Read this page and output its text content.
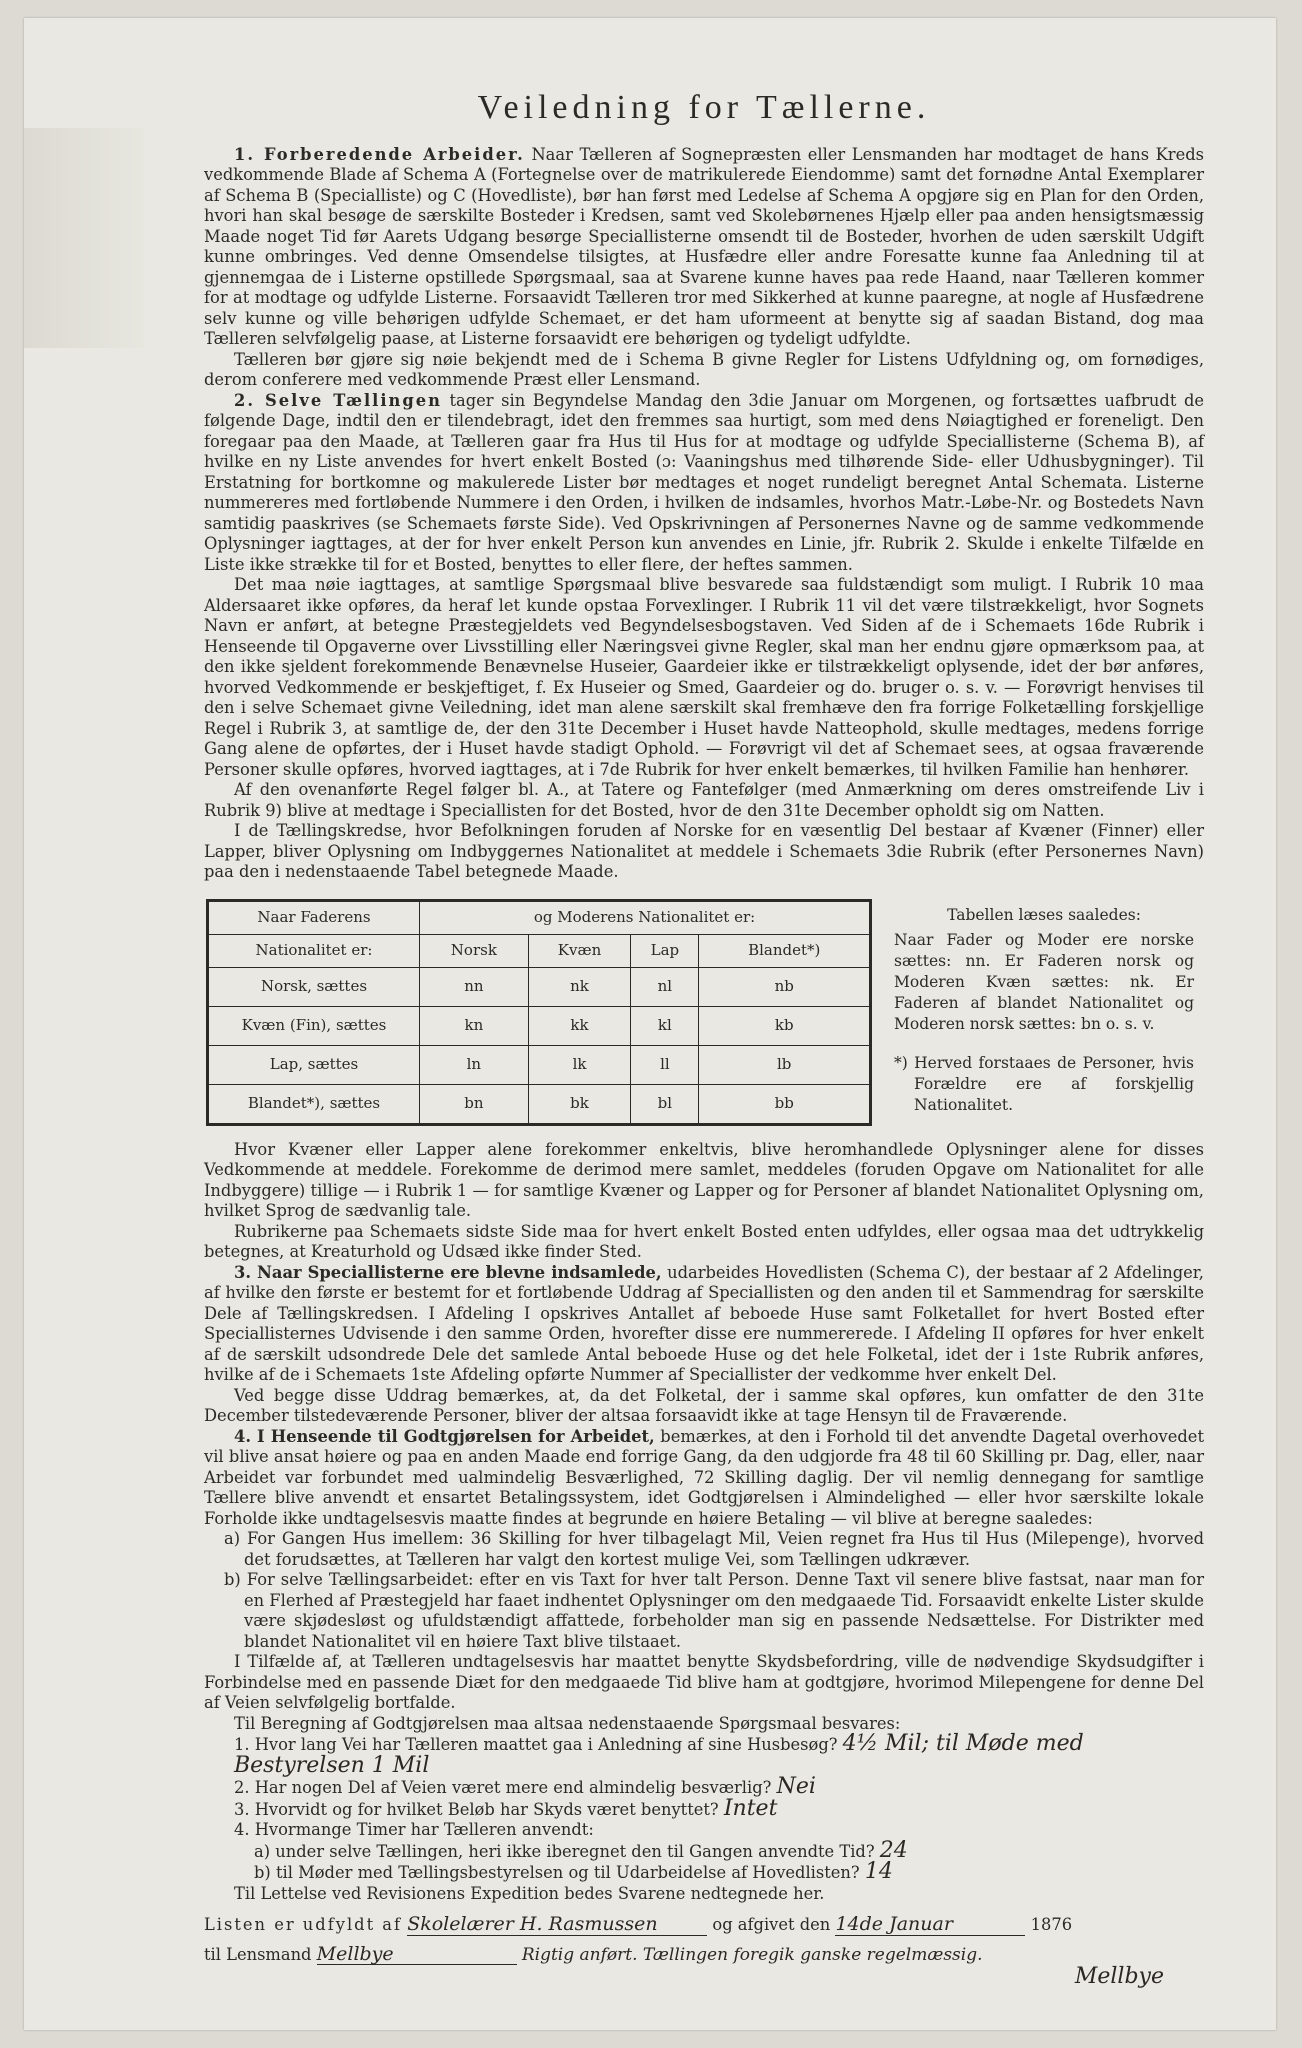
Veiledning for Tællerne.

1. Forberedende Arbeider. Naar Tælleren af Sognepræsten eller Lensmanden har modtaget de hans Kreds vedkommende Blade af Schema A (Fortegnelse over de matrikulerede Eiendomme) samt det fornødne Antal Exemplarer af Schema B (Specialliste) og C (Hovedliste), bør han først med Ledelse af Schema A opgjøre sig en Plan for den Orden, hvori han skal besøge de særskilte Bosteder i Kredsen, samt ved Skolebørnenes Hjælp eller paa anden hensigtsmæssig Maade noget Tid før Aarets Udgang besørge Speciallisterne omsendt til de Bosteder, hvorhen de uden særskilt Udgift kunne ombringes. Ved denne Omsendelse tilsigtes, at Husfædre eller andre Foresatte kunne faa Anledning til at gjennemgaa de i Listerne opstillede Spørgsmaal, saa at Svarene kunne haves paa rede Haand, naar Tælleren kommer for at modtage og udfylde Listerne. Forsaavidt Tælleren tror med Sikkerhed at kunne paaregne, at nogle af Husfædrene selv kunne og ville behørigen udfylde Schemaet, er det ham uformeent at benytte sig af saadan Bistand, dog maa Tælleren selvfølgelig paase, at Listerne forsaavidt ere behørigen og tydeligt udfyldte.

Tælleren bør gjøre sig nøie bekjendt med de i Schema B givne Regler for Listens Udfyldning og, om fornødiges, derom conferere med vedkommende Præst eller Lensmand.

2. Selve Tællingen tager sin Begyndelse Mandag den 3die Januar om Morgenen, og fortsættes uafbrudt de følgende Dage, indtil den er tilendebragt, idet den fremmes saa hurtigt, som med dens Nøiagtighed er foreneligt. Den foregaar paa den Maade, at Tælleren gaar fra Hus til Hus for at modtage og udfylde Speciallisterne (Schema B), af hvilke en ny Liste anvendes for hvert enkelt Bosted (ɔ: Vaaningshus med tilhørende Side- eller Udhusbygninger). Til Erstatning for bortkomne og makulerede Lister bør medtages et noget rundeligt beregnet Antal Schemata. Listerne nummereres med fortløbende Nummere i den Orden, i hvilken de indsamles, hvorhos Matr.-Løbe-Nr. og Bostedets Navn samtidig paaskrives (se Schemaets første Side). Ved Opskrivningen af Personernes Navne og de samme vedkommende Oplysninger iagttages, at der for hver enkelt Person kun anvendes en Linie, jfr. Rubrik 2. Skulde i enkelte Tilfælde en Liste ikke strække til for et Bosted, benyttes to eller flere, der heftes sammen.

Det maa nøie iagttages, at samtlige Spørgsmaal blive besvarede saa fuldstændigt som muligt. I Rubrik 10 maa Aldersaaret ikke opføres, da heraf let kunde opstaa Forvexlinger. I Rubrik 11 vil det være tilstrækkeligt, hvor Sognets Navn er anført, at betegne Præstegjeldets ved Begyndelsesbogstaven. Ved Siden af de i Schemaets 16de Rubrik i Henseende til Opgaverne over Livsstilling eller Næringsvei givne Regler, skal man her endnu gjøre opmærksom paa, at den ikke sjeldent forekommende Benævnelse Huseier, Gaardeier ikke er tilstrækkeligt oplysende, idet der bør anføres, hvorved Vedkommende er beskjeftiget, f. Ex Huseier og Smed, Gaardeier og do. bruger o. s. v. — Forøvrigt henvises til den i selve Schemaet givne Veiledning, idet man alene særskilt skal fremhæve den fra forrige Folketælling forskjellige Regel i Rubrik 3, at samtlige de, der den 31te December i Huset havde Natteophold, skulle medtages, medens forrige Gang alene de opførtes, der i Huset havde stadigt Ophold. — Forøvrigt vil det af Schemaet sees, at ogsaa fraværende Personer skulle opføres, hvorved iagttages, at i 7de Rubrik for hver enkelt bemærkes, til hvilken Familie han henhører.

Af den ovenanførte Regel følger bl. A., at Tatere og Fantefølger (med Anmærkning om deres omstreifende Liv i Rubrik 9) blive at medtage i Speciallisten for det Bosted, hvor de den 31te December opholdt sig om Natten.

I de Tællingskredse, hvor Befolkningen foruden af Norske for en væsentlig Del bestaar af Kvæner (Finner) eller Lapper, bliver Oplysning om Indbyggernes Nationalitet at meddele i Schemaets 3die Rubrik (efter Personernes Navn) paa den i nedenstaaende Tabel betegnede Maade.

Naar Faderens	og Moderens Nationalitet er:			
Nationalitet er:	Norsk	Kvæn	Lap	Blandet*)
Norsk, sættes	nn	nk	nl	nb
Kvæn (Fin), sættes	kn	kk	kl	kb
Lap, sættes	ln	lk	ll	lb
Blandet*), sættes	bn	bk	bl	bb
Tabellen læses saaledes:

Naar Fader og Moder ere norske sættes: nn. Er Faderen norsk og Moderen Kvæn sættes: nk. Er Faderen af blandet Nationalitet og Moderen norsk sættes: bn o. s. v.

*) Herved forstaaes de Personer, hvis Forældre ere af forskjellig Nationalitet.

Hvor Kvæner eller Lapper alene forekommer enkeltvis, blive heromhandlede Oplysninger alene for disses Vedkommende at meddele. Forekomme de derimod mere samlet, meddeles (foruden Opgave om Nationalitet for alle Indbyggere) tillige — i Rubrik 1 — for samtlige Kvæner og Lapper og for Personer af blandet Nationalitet Oplysning om, hvilket Sprog de sædvanlig tale.

Rubrikerne paa Schemaets sidste Side maa for hvert enkelt Bosted enten udfyldes, eller ogsaa maa det udtrykkelig betegnes, at Kreaturhold og Udsæd ikke finder Sted.

3. Naar Speciallisterne ere blevne indsamlede, udarbeides Hovedlisten (Schema C), der bestaar af 2 Afdelinger, af hvilke den første er bestemt for et fortløbende Uddrag af Speciallisten og den anden til et Sammendrag for særskilte Dele af Tællingskredsen. I Afdeling I opskrives Antallet af beboede Huse samt Folketallet for hvert Bosted efter Speciallisternes Udvisende i den samme Orden, hvorefter disse ere nummererede. I Afdeling II opføres for hver enkelt af de særskilt udsondrede Dele det samlede Antal beboede Huse og det hele Folketal, idet der i 1ste Rubrik anføres, hvilke af de i Schemaets 1ste Afdeling opførte Nummer af Speciallister der vedkomme hver enkelt Del.

Ved begge disse Uddrag bemærkes, at, da det Folketal, der i samme skal opføres, kun omfatter de den 31te December tilstedeværende Personer, bliver der altsaa forsaavidt ikke at tage Hensyn til de Fraværende.

4. I Henseende til Godtgjørelsen for Arbeidet, bemærkes, at den i Forhold til det anvendte Dagetal overhovedet vil blive ansat høiere og paa en anden Maade end forrige Gang, da den udgjorde fra 48 til 60 Skilling pr. Dag, eller, naar Arbeidet var forbundet med ualmindelig Besværlighed, 72 Skilling daglig. Der vil nemlig dennegang for samtlige Tællere blive anvendt et ensartet Betalingssystem, idet Godtgjørelsen i Almindelighed — eller hvor særskilte lokale Forholde ikke undtagelsesvis maatte findes at begrunde en høiere Betaling — vil blive at beregne saaledes:

a) For Gangen Hus imellem: 36 Skilling for hver tilbagelagt Mil, Veien regnet fra Hus til Hus (Milepenge), hvorved det forudsættes, at Tælleren har valgt den kortest mulige Vei, som Tællingen udkræver.

b) For selve Tællingsarbeidet: efter en vis Taxt for hver talt Person. Denne Taxt vil senere blive fastsat, naar man for en Flerhed af Præstegjeld har faaet indhentet Oplysninger om den medgaaede Tid. Forsaavidt enkelte Lister skulde være skjødesløst og ufuldstændigt affattede, forbeholder man sig en passende Nedsættelse. For Distrikter med blandet Nationalitet vil en høiere Taxt blive tilstaaet.

I Tilfælde af, at Tælleren undtagelsesvis har maattet benytte Skydsbefordring, ville de nødvendige Skydsudgifter i Forbindelse med en passende Diæt for den medgaaede Tid blive ham at godtgjøre, hvorimod Milepengene for denne Del af Veien selvfølgelig bortfalde.

Til Beregning af Godtgjørelsen maa altsaa nedenstaaende Spørgsmaal besvares:

1. Hvor lang Vei har Tælleren maattet gaa i Anledning af sine Husbesøg? 4½ Mil; til Møde med Bestyrelsen 1 Mil
2. Har nogen Del af Veien været mere end almindelig besværlig? Nei
3. Hvorvidt og for hvilket Beløb har Skyds været benyttet? Intet
4. Hvormange Timer har Tælleren anvendt:
a) under selve Tællingen, heri ikke iberegnet den til Gangen anvendte Tid? 24
b) til Møder med Tællingsbestyrelsen og til Udarbeidelse af Hovedlisten? 14
Til Lettelse ved Revisionens Expedition bedes Svarene nedtegnede her.
Listen er udfyldt af Skolelærer H. Rasmussen	og afgivet den 14de Januar	1876
til Lensmand Mellbye	Rigtig anført. Tællingen foregik ganske regelmæssig.
Mellbye
